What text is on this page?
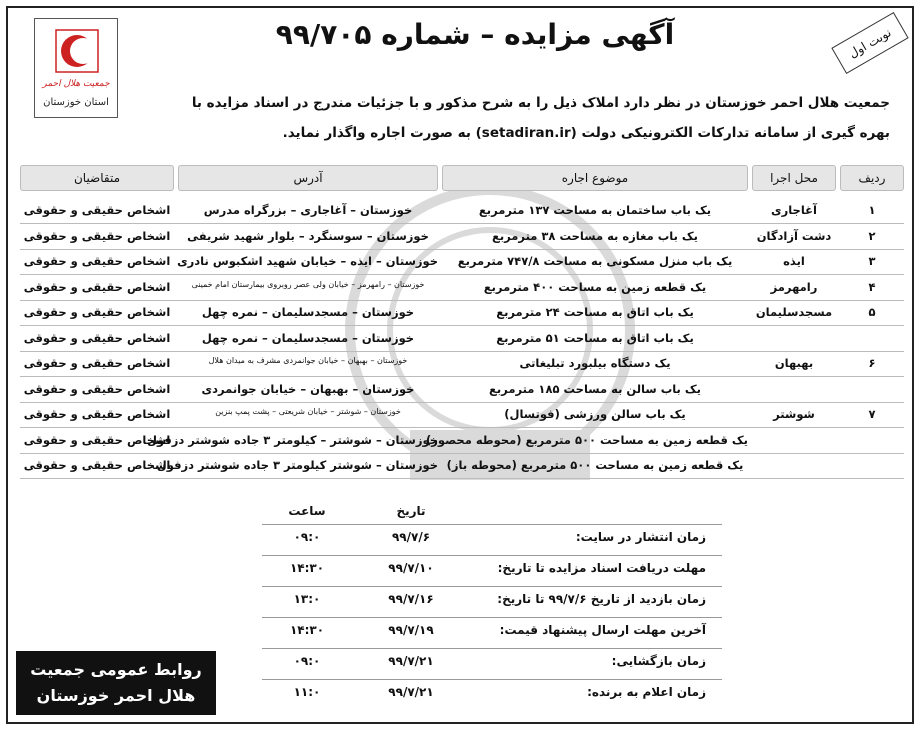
جمعیت هلال احمر
استان خوزستان
آگهی مزایده – شماره ۹۹/۷۰۵	نوبت اول
جمعیت هلال احمر خوزستان در نظر دارد املاک ذیل را به شرح مذکور و با جزئیات مندرج در اسناد مزایده با بهره گیری از سامانه تدارکات الکترونیکی دولت (setadiran.ir) به صورت اجاره واگذار نماید.
ردیف
محل اجرا
موضوع اجاره
آدرس
متقاضیان
۱
آغاجاری
یک باب ساختمان به مساحت ۱۳۷ مترمربع
خوزستان – آغاجاری – بزرگراه مدرس
اشخاص حقیقی و حقوقی
۲
دشت آزادگان
یک باب مغازه به مساحت ۳۸ مترمربع
خوزستان – سوسنگرد – بلوار شهید شریفی
اشخاص حقیقی و حقوقی
۳
ایذه
یک باب منزل مسکونی به مساحت ۷۴۷/۸ مترمربع
خوزستان – ایذه – خیابان شهید اشکبوس نادری
اشخاص حقیقی و حقوقی
۴
رامهرمز
یک قطعه زمین به مساحت ۴۰۰ مترمربع
خوزستان – رامهرمز – خیابان ولی عصر روبروی بیمارستان امام خمینی
اشخاص حقیقی و حقوقی
۵
مسجدسلیمان
یک باب اتاق به مساحت ۲۴ مترمربع
خوزستان – مسجدسلیمان – نمره چهل
اشخاص حقیقی و حقوقی
یک باب اتاق به مساحت ۵۱ مترمربع
خوزستان – مسجدسلیمان – نمره چهل
اشخاص حقیقی و حقوقی
۶
بهبهان
یک دستگاه بیلبورد تبلیغاتی
خوزستان – بهبهان – خیابان جوانمردی مشرف به میدان هلال
اشخاص حقیقی و حقوقی
یک باب سالن به مساحت ۱۸۵ مترمربع
خوزستان – بهبهان – خیابان جوانمردی
اشخاص حقیقی و حقوقی
۷
شوشتر
یک باب سالن ورزشی (فوتسال)
خوزستان – شوشتر – خیابان شریعتی – پشت پمپ بنزین
اشخاص حقیقی و حقوقی
یک قطعه زمین به مساحت ۵۰۰ مترمربع (محوطه محصور)
خوزستان – شوشتر – کیلومتر ۳ جاده شوشتر دزفول
اشخاص حقیقی و حقوقی
یک قطعه زمین به مساحت ۵۰۰ مترمربع (محوطه باز)
خوزستان – شوشتر کیلومتر ۳ جاده شوشتر دزفول
اشخاص حقیقی و حقوقی
تاریخ
ساعت
زمان انتشار در سایت:
۹۹/۷/۶
۰۹:۰
مهلت دریافت اسناد مزایده تا تاریخ:
۹۹/۷/۱۰
۱۴:۳۰
زمان بازدید از تاریخ ۹۹/۷/۶ تا تاریخ:
۹۹/۷/۱۶
۱۳:۰
آخرین مهلت ارسال پیشنهاد قیمت:
۹۹/۷/۱۹
۱۴:۳۰
زمان بازگشایی:
۹۹/۷/۲۱
۰۹:۰
زمان اعلام به برنده:
۹۹/۷/۲۱
۱۱:۰
روابط عمومی جمعیت
هلال احمر خوزستان
